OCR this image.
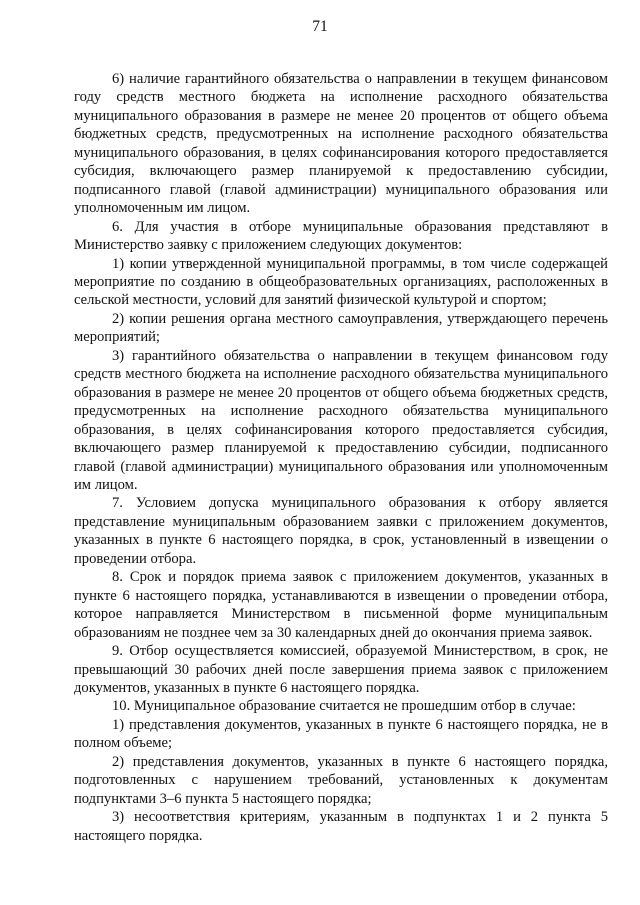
71

6) наличие гарантийного обязательства о направлении в текущем финансовом году средств местного бюджета на исполнение расходного обязательства муниципального образования в размере не менее 20 процентов от общего объема бюджетных средств, предусмотренных на исполнение расходного обязательства муниципального образования, в целях софинансирования которого предоставляется субсидия, включающего размер планируемой к предоставлению субсидии, подписанного главой (главой администрации) муниципального образования или уполномоченным им лицом.

6. Для участия в отборе муниципальные образования представляют в Министерство заявку с приложением следующих документов:

1) копии утвержденной муниципальной программы, в том числе содержащей мероприятие по созданию в общеобразовательных организациях, расположенных в сельской местности, условий для занятий физической культурой и спортом;

2) копии решения органа местного самоуправления, утверждающего перечень мероприятий;

3) гарантийного обязательства о направлении в текущем финансовом году средств местного бюджета на исполнение расходного обязательства муниципального образования в размере не менее 20 процентов от общего объема бюджетных средств, предусмотренных на исполнение расходного обязательства муниципального образования, в целях софинансирования которого предоставляется субсидия, включающего размер планируемой к предоставлению субсидии, подписанного главой (главой администрации) муниципального образования или уполномоченным им лицом.

7. Условием допуска муниципального образования к отбору является представление муниципальным образованием заявки с приложением документов, указанных в пункте 6 настоящего порядка, в срок, установленный в извещении о проведении отбора.

8. Срок и порядок приема заявок с приложением документов, указанных в пункте 6 настоящего порядка, устанавливаются в извещении о проведении отбора, которое направляется Министерством в письменной форме муниципальным образованиям не позднее чем за 30 календарных дней до окончания приема заявок.

9. Отбор осуществляется комиссией, образуемой Министерством, в срок, не превышающий 30 рабочих дней после завершения приема заявок с приложением документов, указанных в пункте 6 настоящего порядка.

10. Муниципальное образование считается не прошедшим отбор в случае:

1) представления документов, указанных в пункте 6 настоящего порядка, не в полном объеме;

2) представления документов, указанных в пункте 6 настоящего порядка, подготовленных с нарушением требований, установленных к документам подпунктами 3–6 пункта 5 настоящего порядка;

3) несоответствия критериям, указанным в подпунктах 1 и 2 пункта 5 настоящего порядка.
